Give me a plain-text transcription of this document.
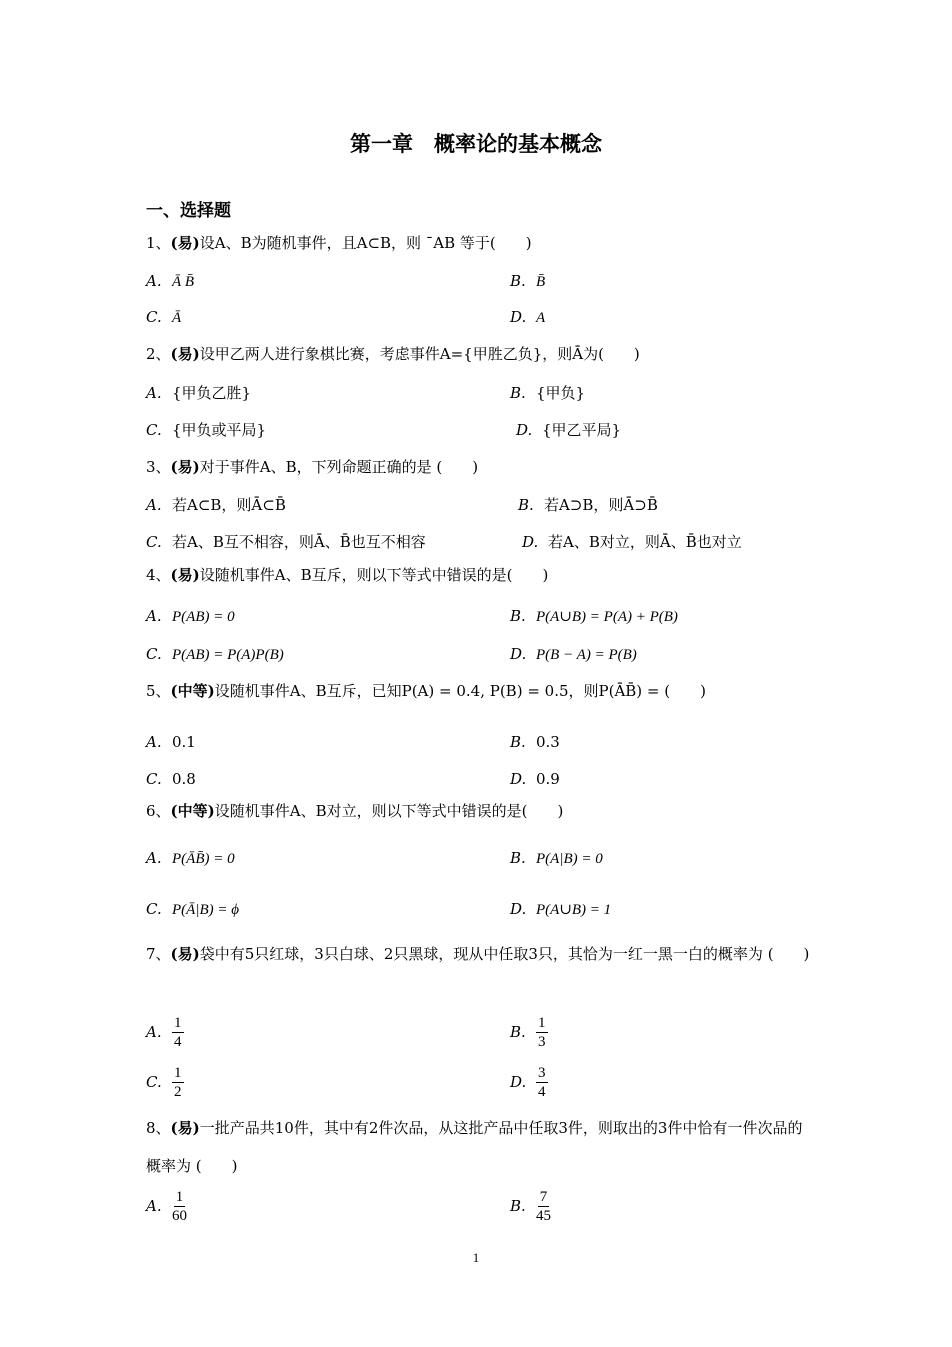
第一章　概率论的基本概念
一、选择题
1、(易)设A、B为随机事件，且A⊂B，则 ¯AB 等于(　　)
A. Ā B̄	B. B̄
C. Ā	D. A
2、(易)设甲乙两人进行象棋比赛，考虑事件A={甲胜乙负}，则Ā为(　　)
A. {甲负乙胜}	B. {甲负}
C. {甲负或平局}	D. {甲乙平局}
3、(易)对于事件A、B，下列命题正确的是 (　　)
A. 若A⊂B，则Ā⊂B̄	B. 若A⊃B，则Ā⊃B̄
C. 若A、B互不相容，则Ā、B̄也互不相容	D. 若A、B对立，则Ā、B̄也对立
4、(易)设随机事件A、B互斥，则以下等式中错误的是(　　)
A. P(AB) = 0	B. P(A∪B) = P(A) + P(B)
C. P(AB) = P(A)P(B)	D. P(B − A) = P(B)
5、(中等)设随机事件A、B互斥，已知P(A) = 0.4, P(B) = 0.5，则P(ĀB̄) = (　　)
A. 0.1	B. 0.3
C. 0.8	D. 0.9
6、(中等)设随机事件A、B对立，则以下等式中错误的是(　　)
A. P(ĀB̄) = 0	B. P(A|B) = 0
C. P(Ā|B) = ϕ	D. P(A∪B) = 1
7、(易)袋中有5只红球，3只白球、2只黑球，现从中任取3只，其恰为一红一黑一白的概率为 (　　)
A. $\frac{1}{4}$	B. $\frac{1}{3}$
C. $\frac{1}{2}$	D. $\frac{3}{4}$
8、(易)一批产品共10件，其中有2件次品，从这批产品中任取3件，则取出的3件中恰有一件次品的概率为 (　　)
A. $\frac{1}{60}$	B. $\frac{7}{45}$
1
